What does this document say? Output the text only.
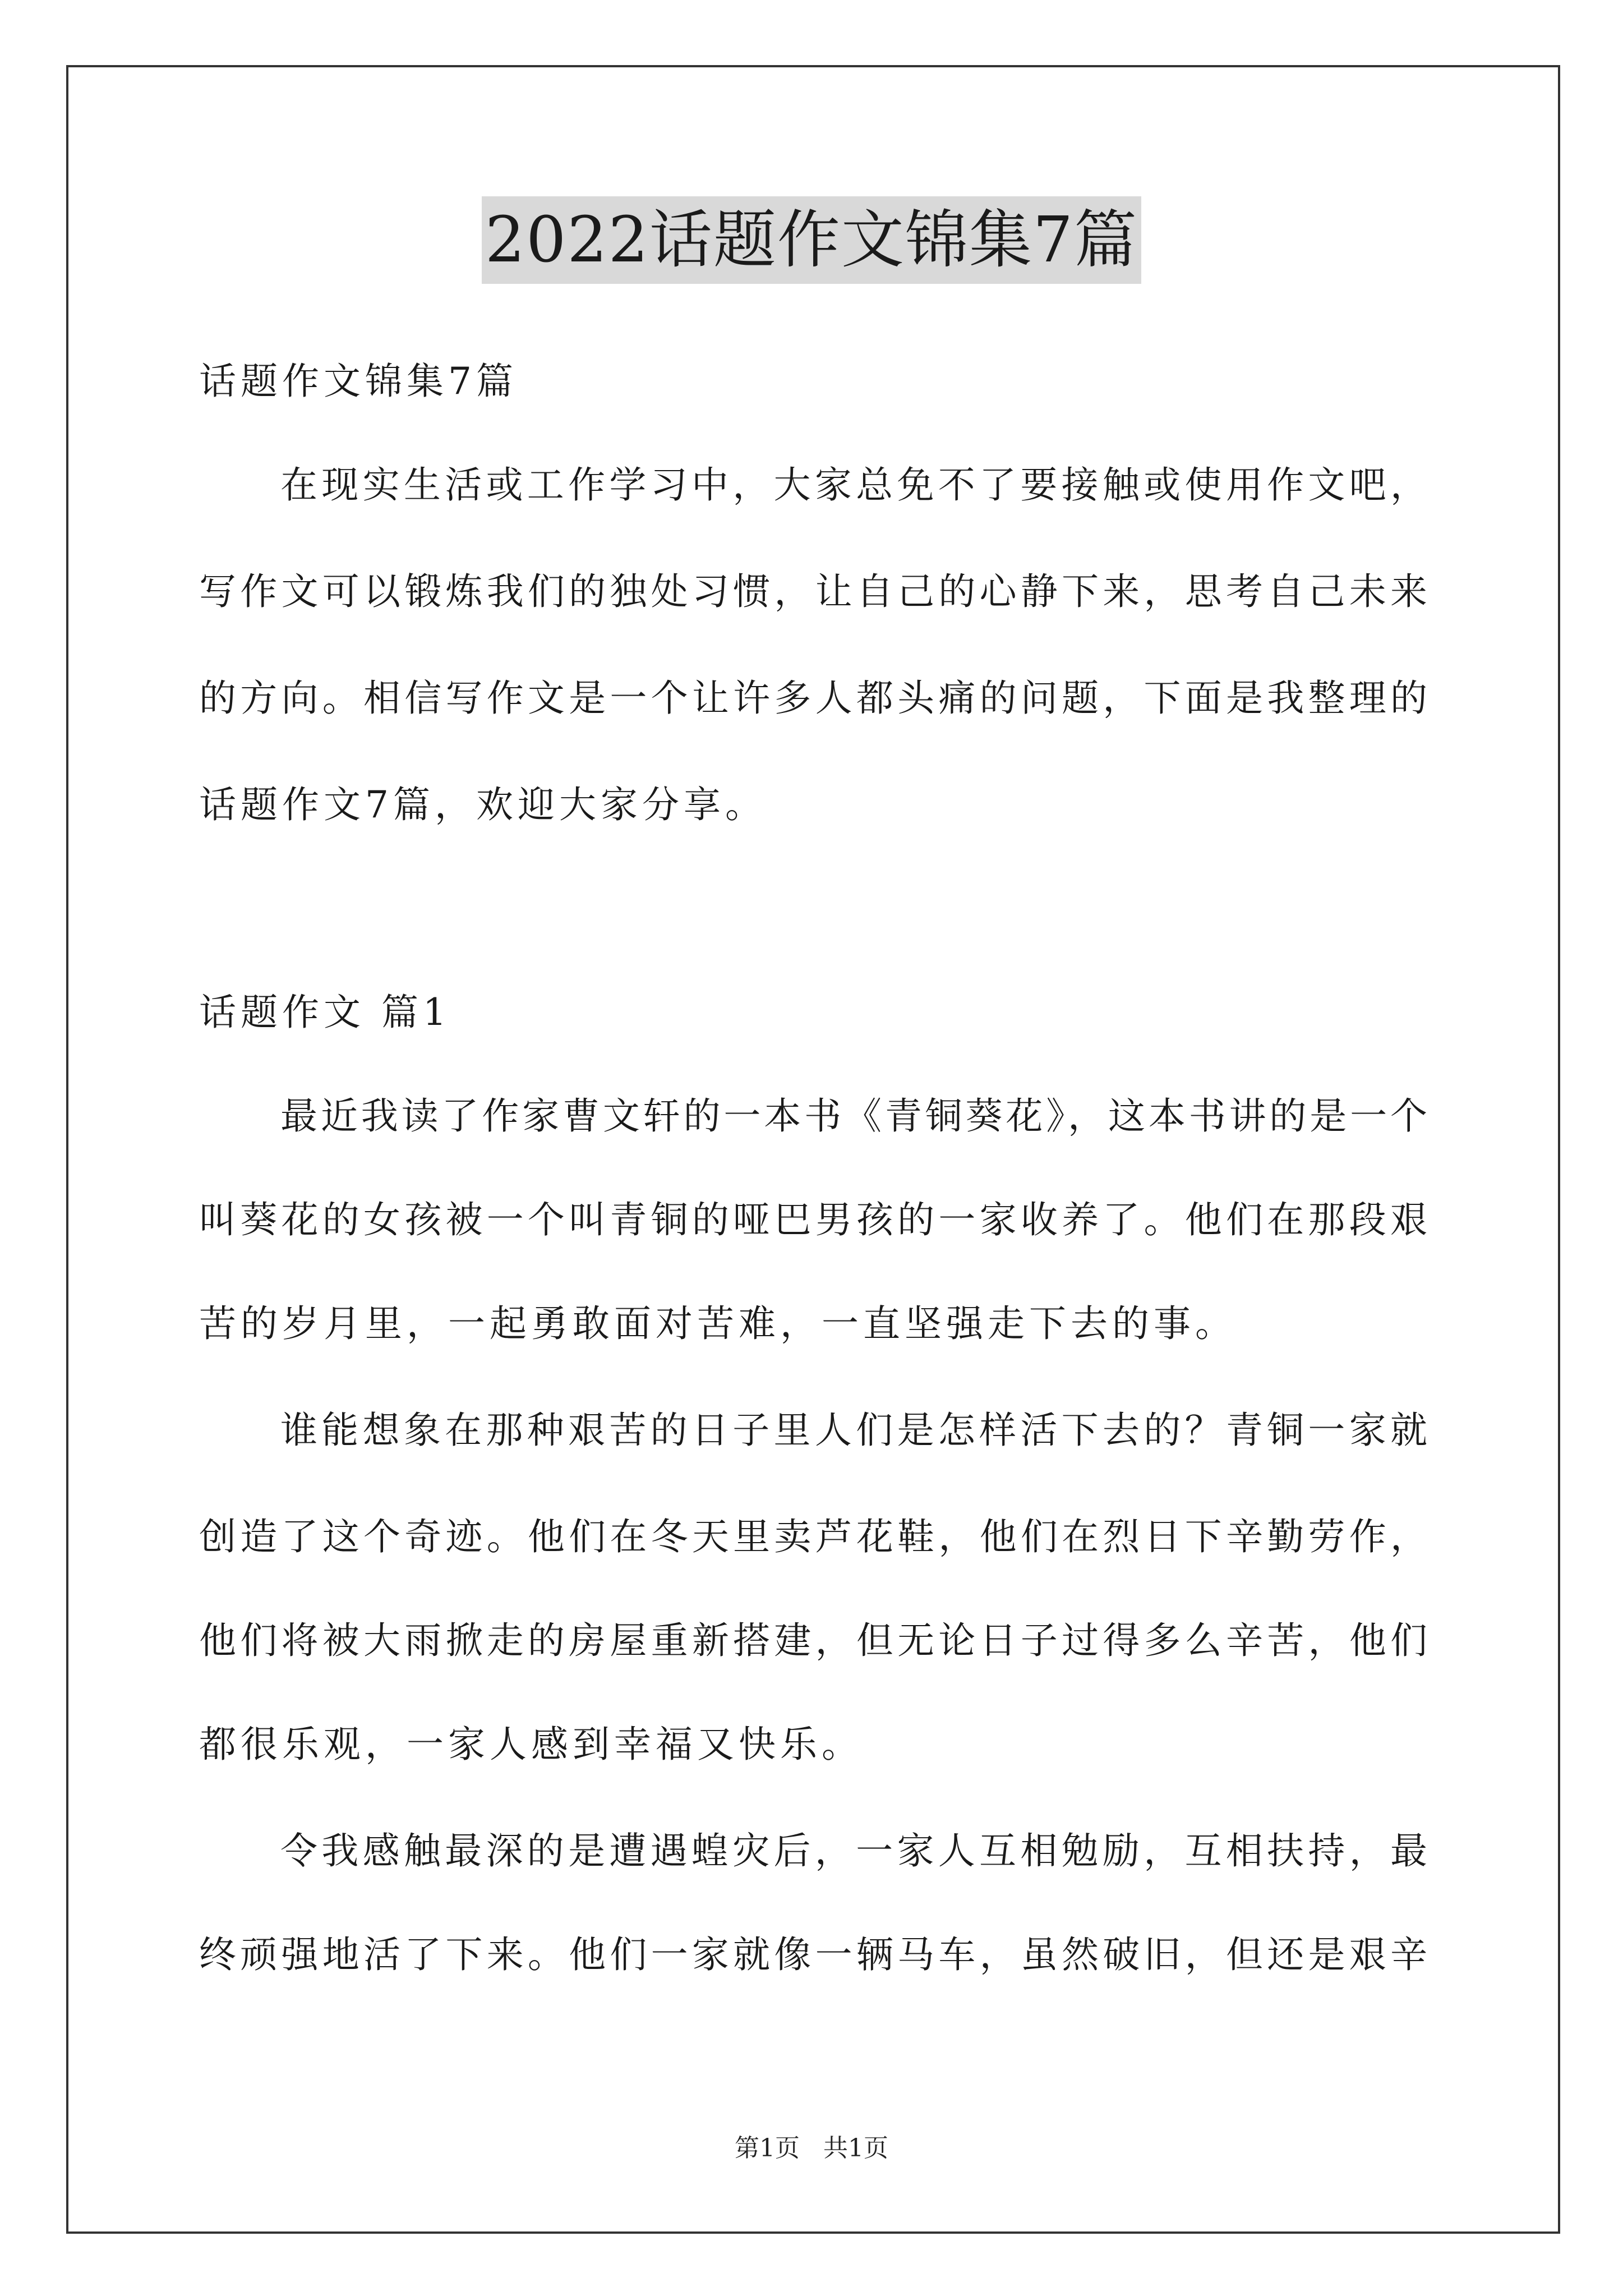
2022话题作文锦集7篇
话题作文锦集7篇
在现实生活或工作学习中，大家总免不了要接触或使用作文吧，
写作文可以锻炼我们的独处习惯，让自己的心静下来，思考自己未来
的方向。相信写作文是一个让许多人都头痛的问题，下面是我整理的
话题作文7篇，欢迎大家分享。
话题作文 篇1
最近我读了作家曹文轩的一本书《青铜葵花》，这本书讲的是一个
叫葵花的女孩被一个叫青铜的哑巴男孩的一家收养了。他们在那段艰
苦的岁月里，一起勇敢面对苦难，一直坚强走下去的事。
谁能想象在那种艰苦的日子里人们是怎样活下去的？青铜一家就
创造了这个奇迹。他们在冬天里卖芦花鞋，他们在烈日下辛勤劳作，
他们将被大雨掀走的房屋重新搭建，但无论日子过得多么辛苦，他们
都很乐观，一家人感到幸福又快乐。
令我感触最深的是遭遇蝗灾后，一家人互相勉励，互相扶持，最
终顽强地活了下来。他们一家就像一辆马车，虽然破旧，但还是艰辛
第1页   共1页
